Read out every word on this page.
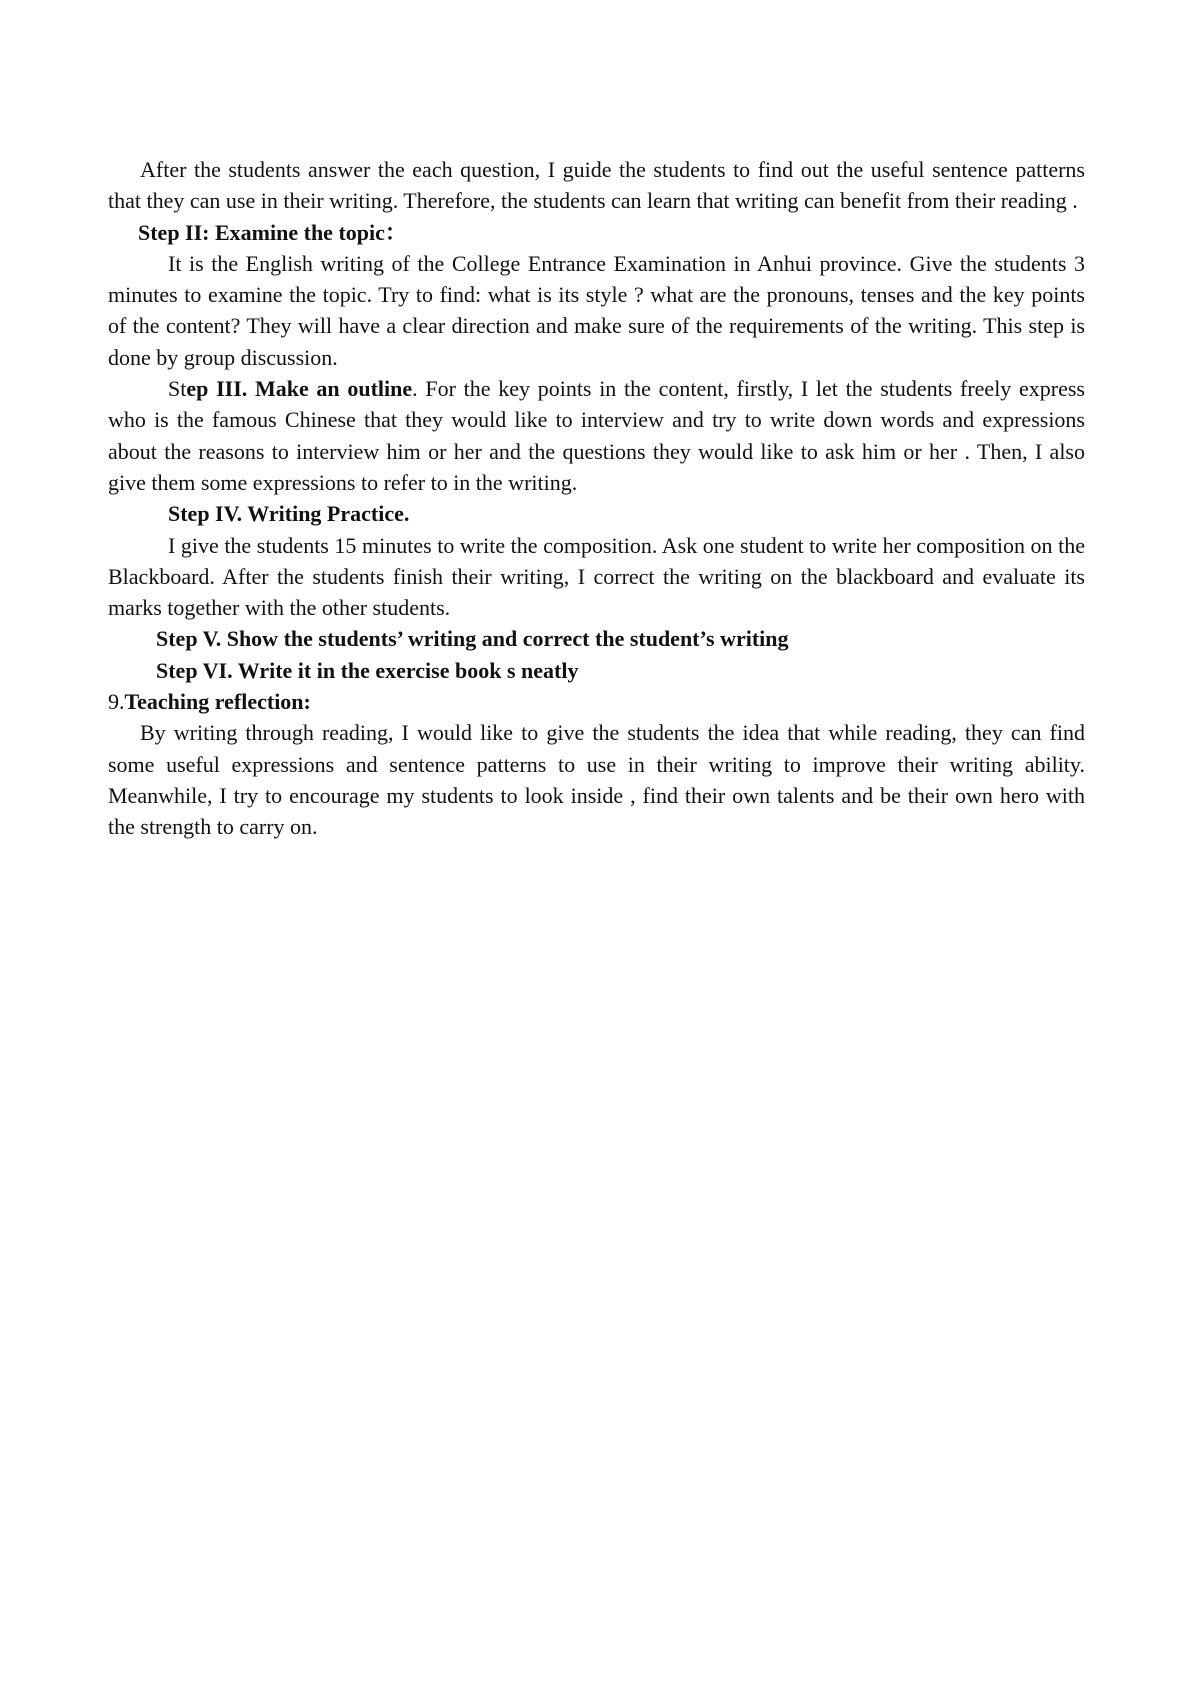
After the students answer the each question, I guide the students to find out the useful sentence patterns that they can use in their writing. Therefore, the students can learn that writing can benefit from their reading .

Step II: Examine the topic：

It is the English writing of the College Entrance Examination in Anhui province. Give the students 3 minutes to examine the topic. Try to find: what is its style ? what are the pronouns, tenses and the key points of the content? They will have a clear direction and make sure of the requirements of the writing. This step is done by group discussion.

Step III. Make an outline. For the key points in the content, firstly, I let the students freely express who is the famous Chinese that they would like to interview and try to write down words and expressions about the reasons to interview him or her and the questions they would like to ask him or her . Then, I also give them some expressions to refer to in the writing.

Step IV. Writing Practice.

I give the students 15 minutes to write the composition. Ask one student to write her composition on the Blackboard. After the students finish their writing, I correct the writing on the blackboard and evaluate its marks together with the other students.

Step V. Show the students’ writing and correct the student’s writing

Step VI. Write it in the exercise book s neatly

9.Teaching reflection:

By writing through reading, I would like to give the students the idea that while reading, they can find some useful expressions and sentence patterns to use in their writing to improve their writing ability. Meanwhile, I try to encourage my students to look inside , find their own talents and be their own hero with the strength to carry on.
